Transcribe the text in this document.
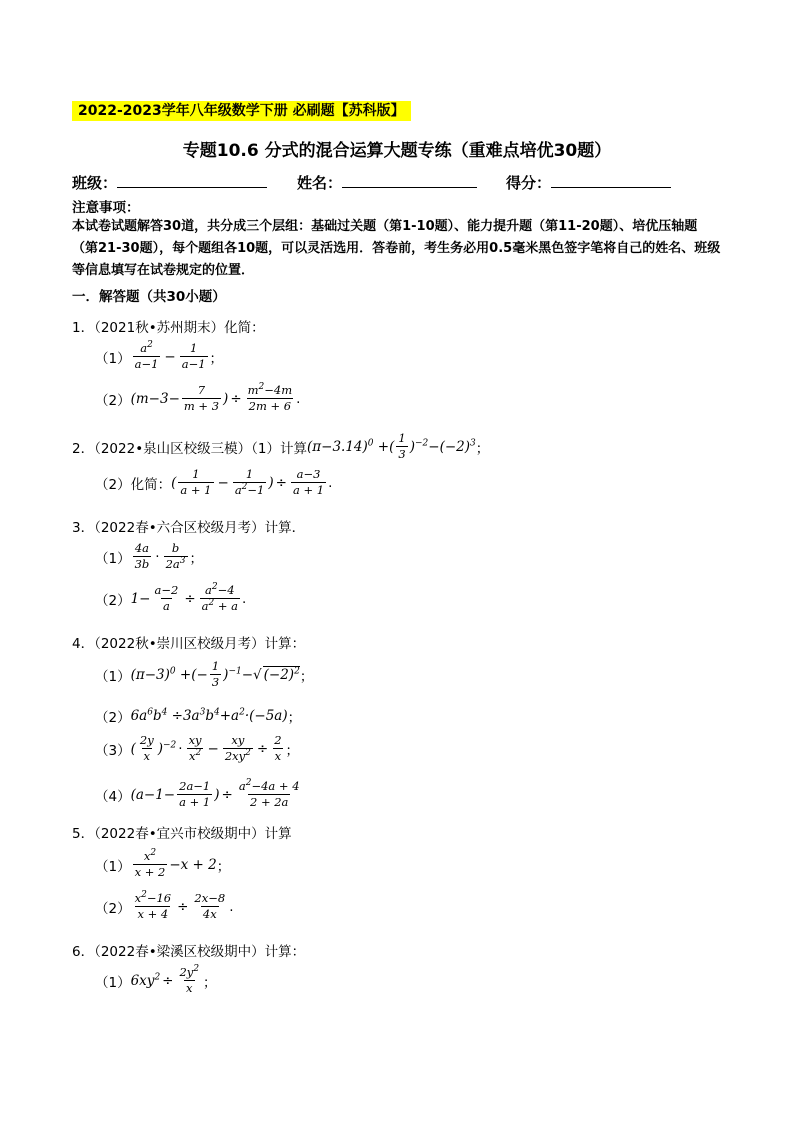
2022-2023学年八年级数学下册 必刷题【苏科版】
专题10.6 分式的混合运算大题专练（重难点培优30题）
班级：	姓名：	得分：
注意事项：
本试卷试题解答30道，共分成三个层组：基础过关题（第1-10题）、能力提升题（第11-20题）、培优压轴题（第21-30题），每个题组各10题，可以灵活选用．答卷前，考生务必用0.5毫米黑色签字笔将自己的姓名、班级等信息填写在试卷规定的位置．
一．解答题（共30小题）
1．（2021秋•苏州期末）化简：
$(1) \frac{a^2}{a-1} - \frac{1}{a-1}$ ；
（2） ($m-3- \frac{7}{m + 3}$ ) ÷ $\frac{m^2-4m}{2m + 6}$ .
2．（2022•泉山区校级三模）（1）计算 $(\pi-3.14)^0$ +( $\frac{1}{3} )^{-2}-(-2)^3$ ；
（2） 化简： ( $\frac{1}{a + 1} - \frac{1}{a^2-1}$ ) ÷ $\frac{a-3}{a + 1}$ .
3．（2022春•六合区校级月考）计算．
$(1) \frac{4a}{3b} \cdot \frac{b}{2a^3}$ ；
（2） $1- \frac{a-2}{a} \div \frac{a^2-4}{a^2 + a}$ .
4．（2022秋•崇川区校级月考）计算：
（1） $(\pi-3)^0$ +(− $\frac{1}{3} )^{-1}-√$ $(-2)^2$ ；
（2） $6a^6b^4 \div 3a^3b^4+a^2\cdot(-5a)$ ；
（3） ( $\frac{2y}{x} )^{-2} \cdot \frac{xy}{x^2} - \frac{xy}{2xy^2} \div \frac{2}{x}$ ；
（4） ($a-1- \frac{2a-1}{a + 1}$ ) ÷ $\frac{a^2-4a + 4}{2 + 2a}$
5．（2022春•宜兴市校级期中）计算
$(1) \frac{x^2}{x + 2} -x + 2$ ；
$(2) \frac{x^2-16}{x + 4} \div \frac{2x-8}{4x}$ .
6．（2022春•梁溪区校级期中）计算：
（1） $6xy^2 \div \frac{2y^2}{x}$ ；
